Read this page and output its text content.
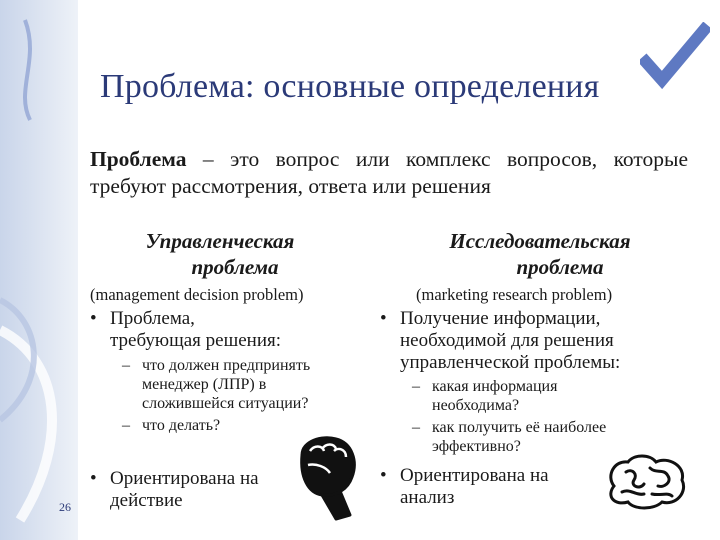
Проблема: основные определения
Проблема – это вопрос или комплекс вопросов, которые требуют рассмотрения, ответа или решения
Управленческая
проблема
(management decision problem)
• Проблема,
требующая решения:
– что должен предпринять
менеджер (ЛПР) в
сложившейся ситуации?
– что делать?
• Ориентирована на
действие
Исследовательская
проблема
(marketing research problem)
• Получение информации,
необходимой для решения
управленческой проблемы:
– какая информация
необходима?
– как получить её наиболее
эффективно?
• Ориентирована на
анализ
26
